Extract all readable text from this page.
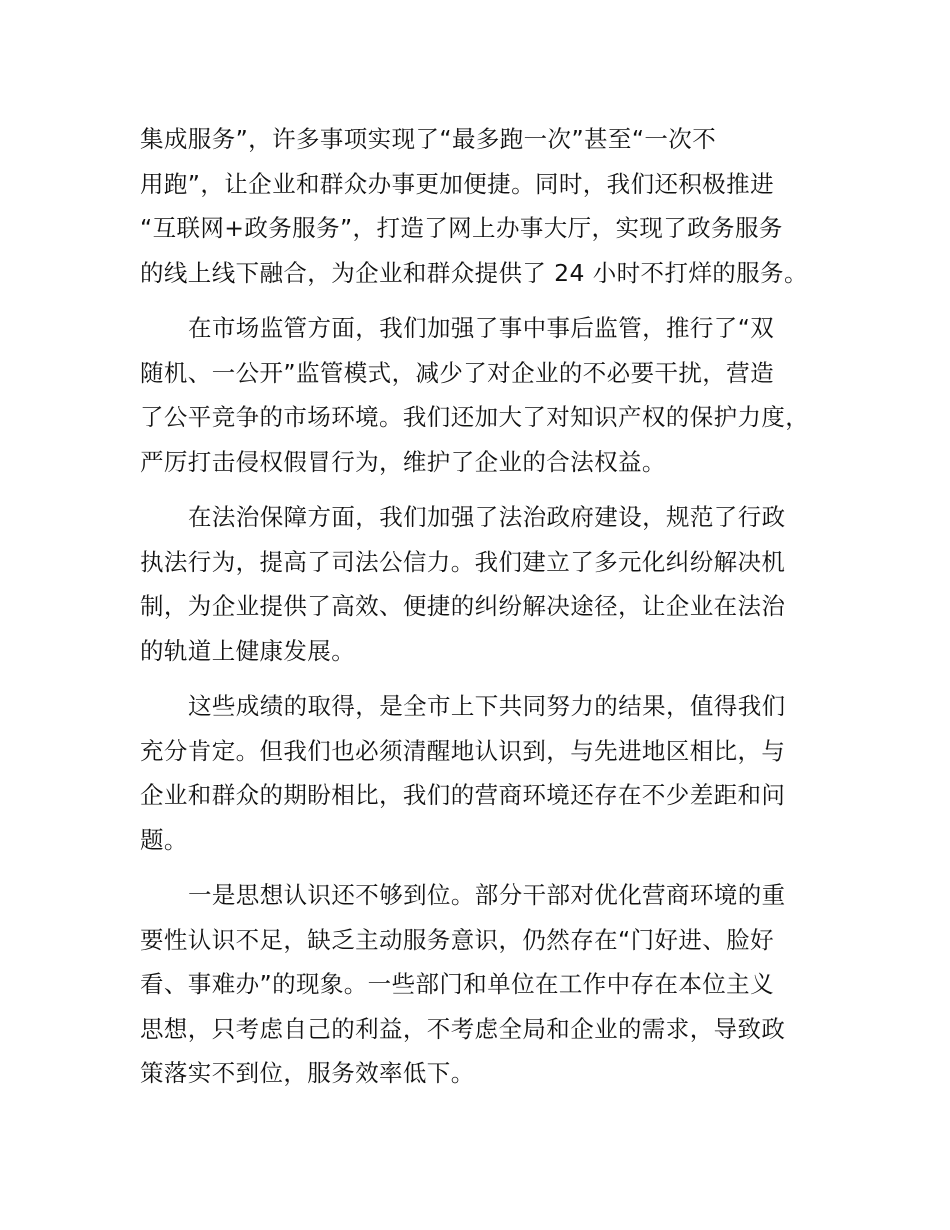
集成服务”，许多事项实现了“最多跑一次”甚至“一次不
用跑”，让企业和群众办事更加便捷。同时，我们还积极推进
“互联网+政务服务”，打造了网上办事大厅，实现了政务服务
的线上线下融合，为企业和群众提供了 24 小时不打烊的服务。

在市场监管方面，我们加强了事中事后监管，推行了“双
随机、一公开”监管模式，减少了对企业的不必要干扰，营造
了公平竞争的市场环境。我们还加大了对知识产权的保护力度，
严厉打击侵权假冒行为，维护了企业的合法权益。

在法治保障方面，我们加强了法治政府建设，规范了行政
执法行为，提高了司法公信力。我们建立了多元化纠纷解决机
制，为企业提供了高效、便捷的纠纷解决途径，让企业在法治
的轨道上健康发展。

这些成绩的取得，是全市上下共同努力的结果，值得我们
充分肯定。但我们也必须清醒地认识到，与先进地区相比，与
企业和群众的期盼相比，我们的营商环境还存在不少差距和问
题。

一是思想认识还不够到位。部分干部对优化营商环境的重
要性认识不足，缺乏主动服务意识，仍然存在“门好进、脸好
看、事难办”的现象。一些部门和单位在工作中存在本位主义
思想，只考虑自己的利益，不考虑全局和企业的需求，导致政
策落实不到位，服务效率低下。
